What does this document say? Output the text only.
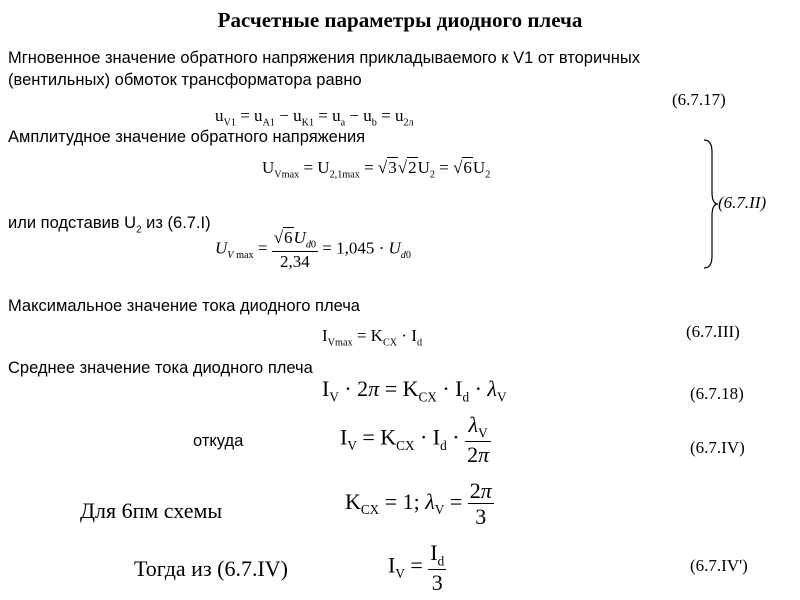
Расчетные параметры диодного плеча
Мгновенное значение обратного напряжения прикладываемого к V1 от вторичных
(вентильных) обмоток трансформатора равно
$u_{V1} = u_{A1} - u_{K1} = u_a - u_b = u_{2л}$
(6.7.17)
Амплитудное значение обратного напряжения
$U_{Vmax} = U_{2,1max} = √3√2U_2 = √6U_2$
или подставив $U_2$ из (6.7.I)
$U_{V max} = \frac{√6U_{d0}}{2,34} = 1,045 \cdot U_{d0}$
(6.7.II)
Максимальное значение тока диодного плеча
$I_{Vmax} = K_{CX} \cdot I_d$
(6.7.III)
Среднее значение тока диодного плеча
$I_V \cdot 2\pi = K_{CX} \cdot I_d \cdot \lambda_V$	(6.7.18)
откуда	$I_V = K_{CX} \cdot I_d \cdot \frac{\lambda_V}{2\pi}$	(6.7.IV)
Для 6пм схемы	$K_{CX} = 1$; $\lambda_V = \frac{2\pi}{3}$
Тогда из (6.7.IV)	$I_V = \frac{I_d}{3}$	(6.7.IV')
